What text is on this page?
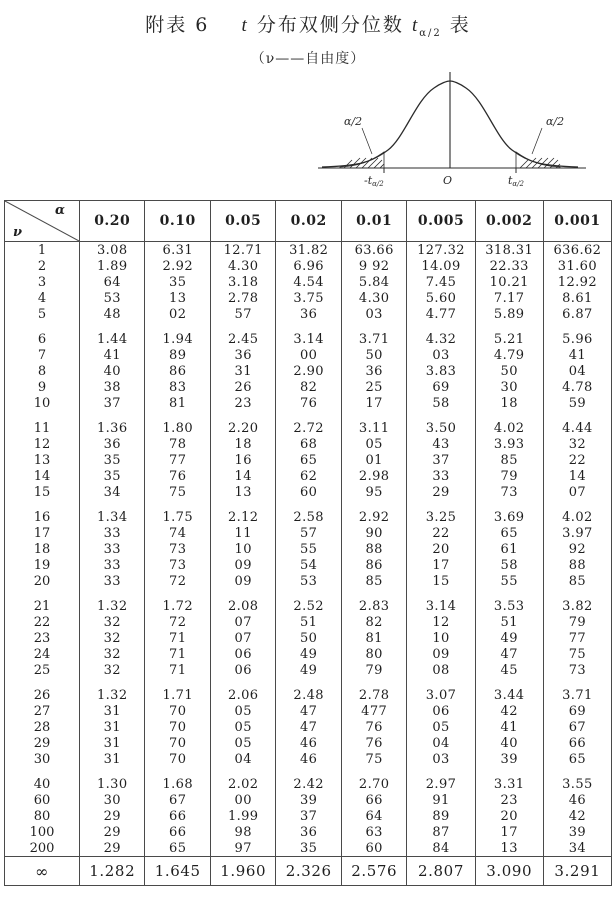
附表 6 t 分布双侧分位数 $t_{\alpha/2}$ 表
（ν——自由度）
α/2	α/2
-tα/2	O	tα/2
α
ν	0.20	0.10	0.05	0.02	0.01	0.005	0.002	0.001
1	3.08	6.31	12.71	31.82	63.66	127.32	318.31	636.62
2	1.89	2.92	4.30	6.96	9 92	14.09	22.33	31.60
3	64	35	3.18	4.54	5.84	7.45	10.21	12.92
4	53	13	2.78	3.75	4.30	5.60	7.17	8.61
5	48	02	57	36	03	4.77	5.89	6.87

6	1.44	1.94	2.45	3.14	3.71	4.32	5.21	5.96
7	41	89	36	00	50	03	4.79	41
8	40	86	31	2.90	36	3.83	50	04
9	38	83	26	82	25	69	30	4.78
10	37	81	23	76	17	58	18	59

11	1.36	1.80	2.20	2.72	3.11	3.50	4.02	4.44
12	36	78	18	68	05	43	3.93	32
13	35	77	16	65	01	37	85	22
14	35	76	14	62	2.98	33	79	14
15	34	75	13	60	95	29	73	07

16	1.34	1.75	2.12	2.58	2.92	3.25	3.69	4.02
17	33	74	11	57	90	22	65	3.97
18	33	73	10	55	88	20	61	92
19	33	73	09	54	86	17	58	88
20	33	72	09	53	85	15	55	85

21	1.32	1.72	2.08	2.52	2.83	3.14	3.53	3.82
22	32	72	07	51	82	12	51	79
23	32	71	07	50	81	10	49	77
24	32	71	06	49	80	09	47	75
25	32	71	06	49	79	08	45	73

26	1.32	1.71	2.06	2.48	2.78	3.07	3.44	3.71
27	31	70	05	47	477	06	42	69
28	31	70	05	47	76	05	41	67
29	31	70	05	46	76	04	40	66
30	31	70	04	46	75	03	39	65

40	1.30	1.68	2.02	2.42	2.70	2.97	3.31	3.55
60	30	67	00	39	66	91	23	46
80	29	66	1.99	37	64	89	20	42
100	29	66	98	36	63	87	17	39
200	29	65	97	35	60	84	13	34
∞	1.282	1.645	1.960	2.326	2.576	2.807	3.090	3.291
